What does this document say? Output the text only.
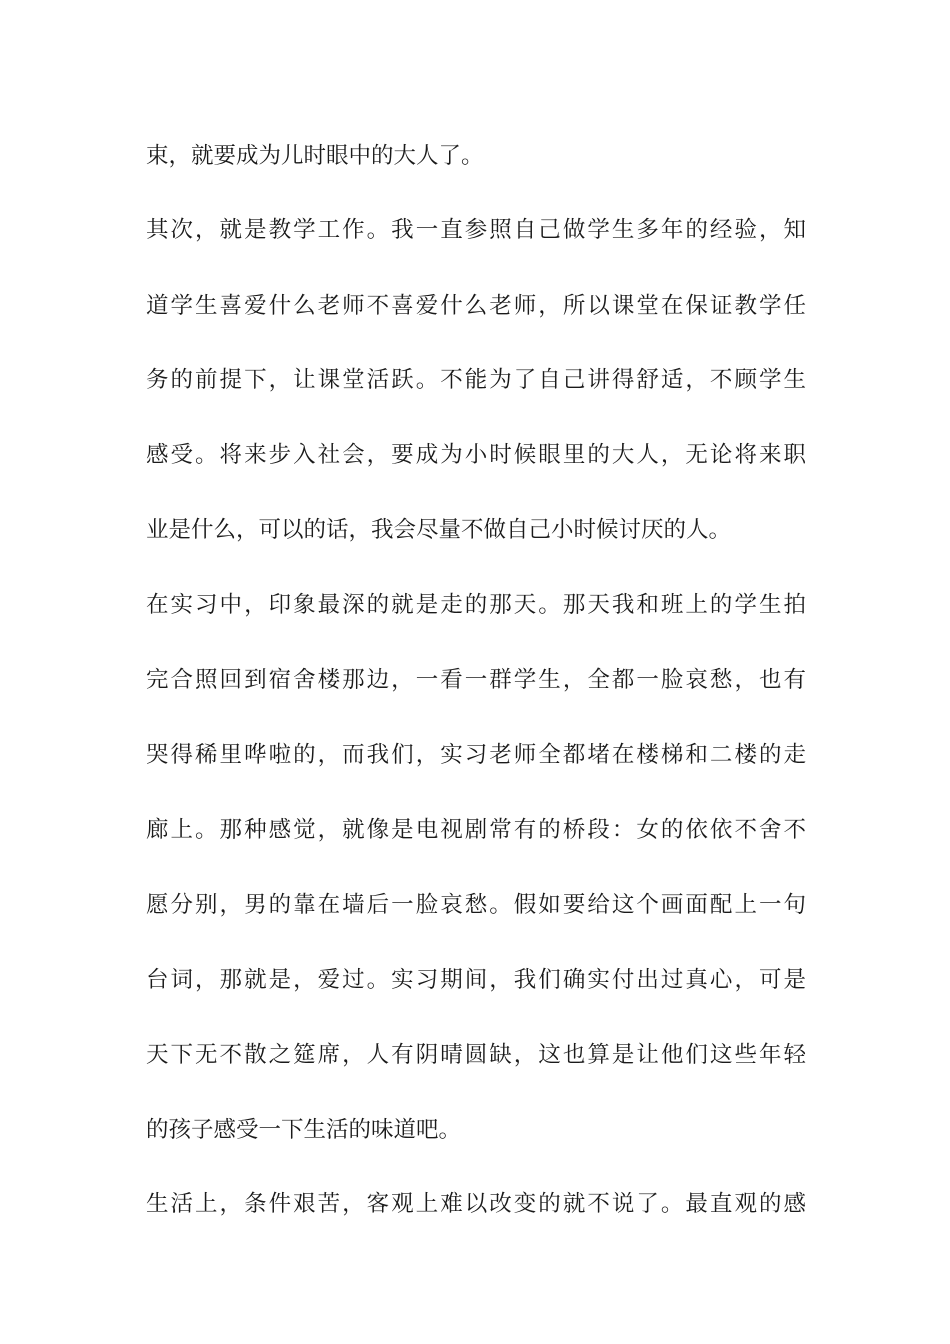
束，就要成为儿时眼中的大人了。
其次，就是教学工作。我一直参照自己做学生多年的经验，知
道学生喜爱什么老师不喜爱什么老师，所以课堂在保证教学任
务的前提下，让课堂活跃。不能为了自己讲得舒适，不顾学生
感受。将来步入社会，要成为小时候眼里的大人，无论将来职
业是什么，可以的话，我会尽量不做自己小时候讨厌的人。
在实习中，印象最深的就是走的那天。那天我和班上的学生拍
完合照回到宿舍楼那边，一看一群学生，全都一脸哀愁，也有
哭得稀里哗啦的，而我们，实习老师全都堵在楼梯和二楼的走
廊上。那种感觉，就像是电视剧常有的桥段：女的依依不舍不
愿分别，男的靠在墙后一脸哀愁。假如要给这个画面配上一句
台词，那就是，爱过。实习期间，我们确实付出过真心，可是
天下无不散之筵席，人有阴晴圆缺，这也算是让他们这些年轻
的孩子感受一下生活的味道吧。
生活上，条件艰苦，客观上难以改变的就不说了。最直观的感
